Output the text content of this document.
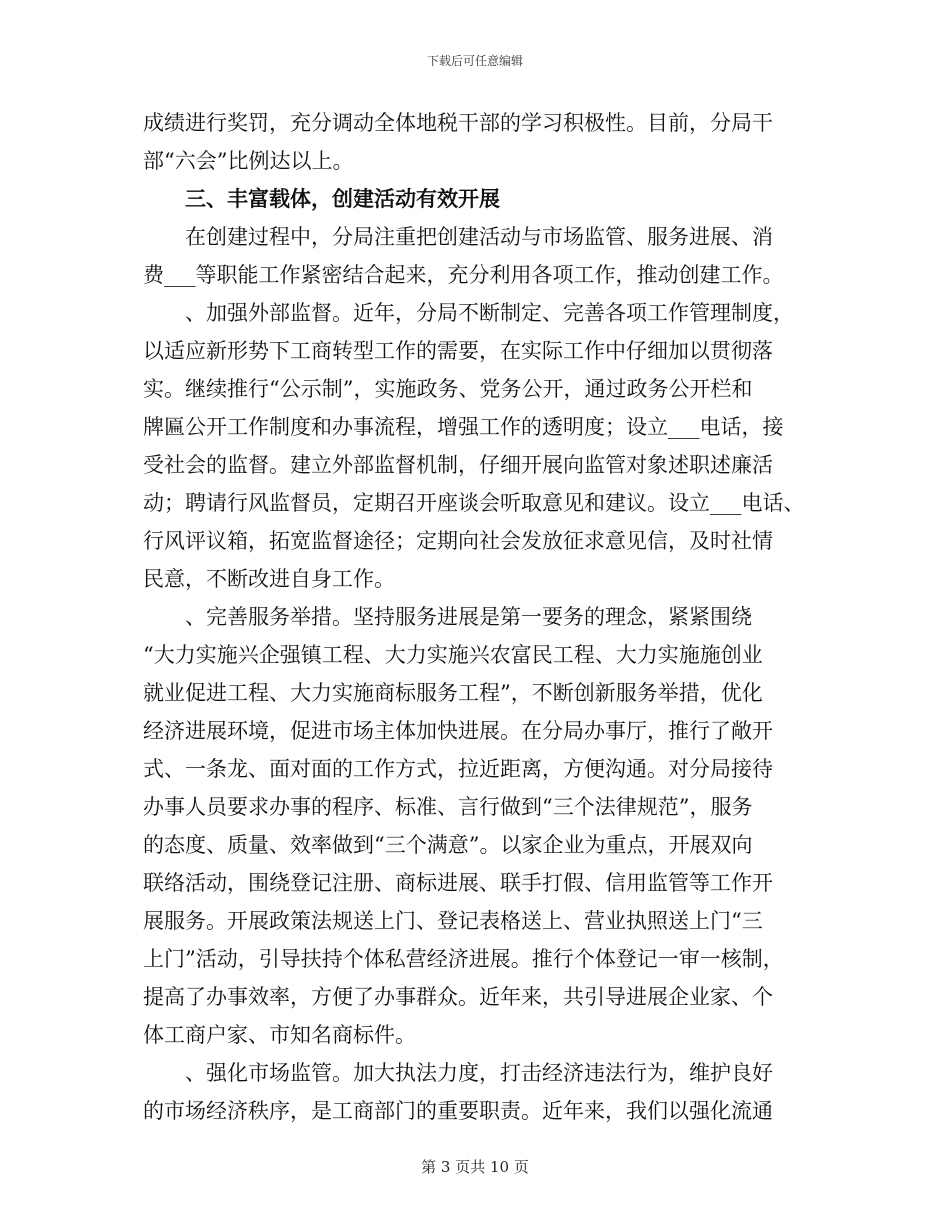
下载后可任意编辑
成绩进行奖罚，充分调动全体地税干部的学习积极性。目前，分局干
部“六会”比例达以上。
　　三、丰富载体，创建活动有效开展
　　在创建过程中，分局注重把创建活动与市场监管、服务进展、消
费___等职能工作紧密结合起来，充分利用各项工作，推动创建工作。
　　、加强外部监督。近年，分局不断制定、完善各项工作管理制度，
以适应新形势下工商转型工作的需要，在实际工作中仔细加以贯彻落
实。继续推行“公示制”，实施政务、党务公开，通过政务公开栏和
牌匾公开工作制度和办事流程，增强工作的透明度；设立___电话，接
受社会的监督。建立外部监督机制，仔细开展向监管对象述职述廉活
动；聘请行风监督员，定期召开座谈会听取意见和建议。设立___电话、
行风评议箱，拓宽监督途径；定期向社会发放征求意见信，及时社情
民意，不断改进自身工作。
　　、完善服务举措。坚持服务进展是第一要务的理念，紧紧围绕
“大力实施兴企强镇工程、大力实施兴农富民工程、大力实施施创业
就业促进工程、大力实施商标服务工程”，不断创新服务举措，优化
经济进展环境，促进市场主体加快进展。在分局办事厅，推行了敞开
式、一条龙、面对面的工作方式，拉近距离，方便沟通。对分局接待
办事人员要求办事的程序、标准、言行做到“三个法律规范”，服务
的态度、质量、效率做到“三个满意”。以家企业为重点，开展双向
联络活动，围绕登记注册、商标进展、联手打假、信用监管等工作开
展服务。开展政策法规送上门、登记表格送上、营业执照送上门“三
上门”活动，引导扶持个体私营经济进展。推行个体登记一审一核制，
提高了办事效率，方便了办事群众。近年来，共引导进展企业家、个
体工商户家、市知名商标件。
　　、强化市场监管。加大执法力度，打击经济违法行为，维护良好
的市场经济秩序，是工商部门的重要职责。近年来，我们以强化流通
第 3 页共 10 页
